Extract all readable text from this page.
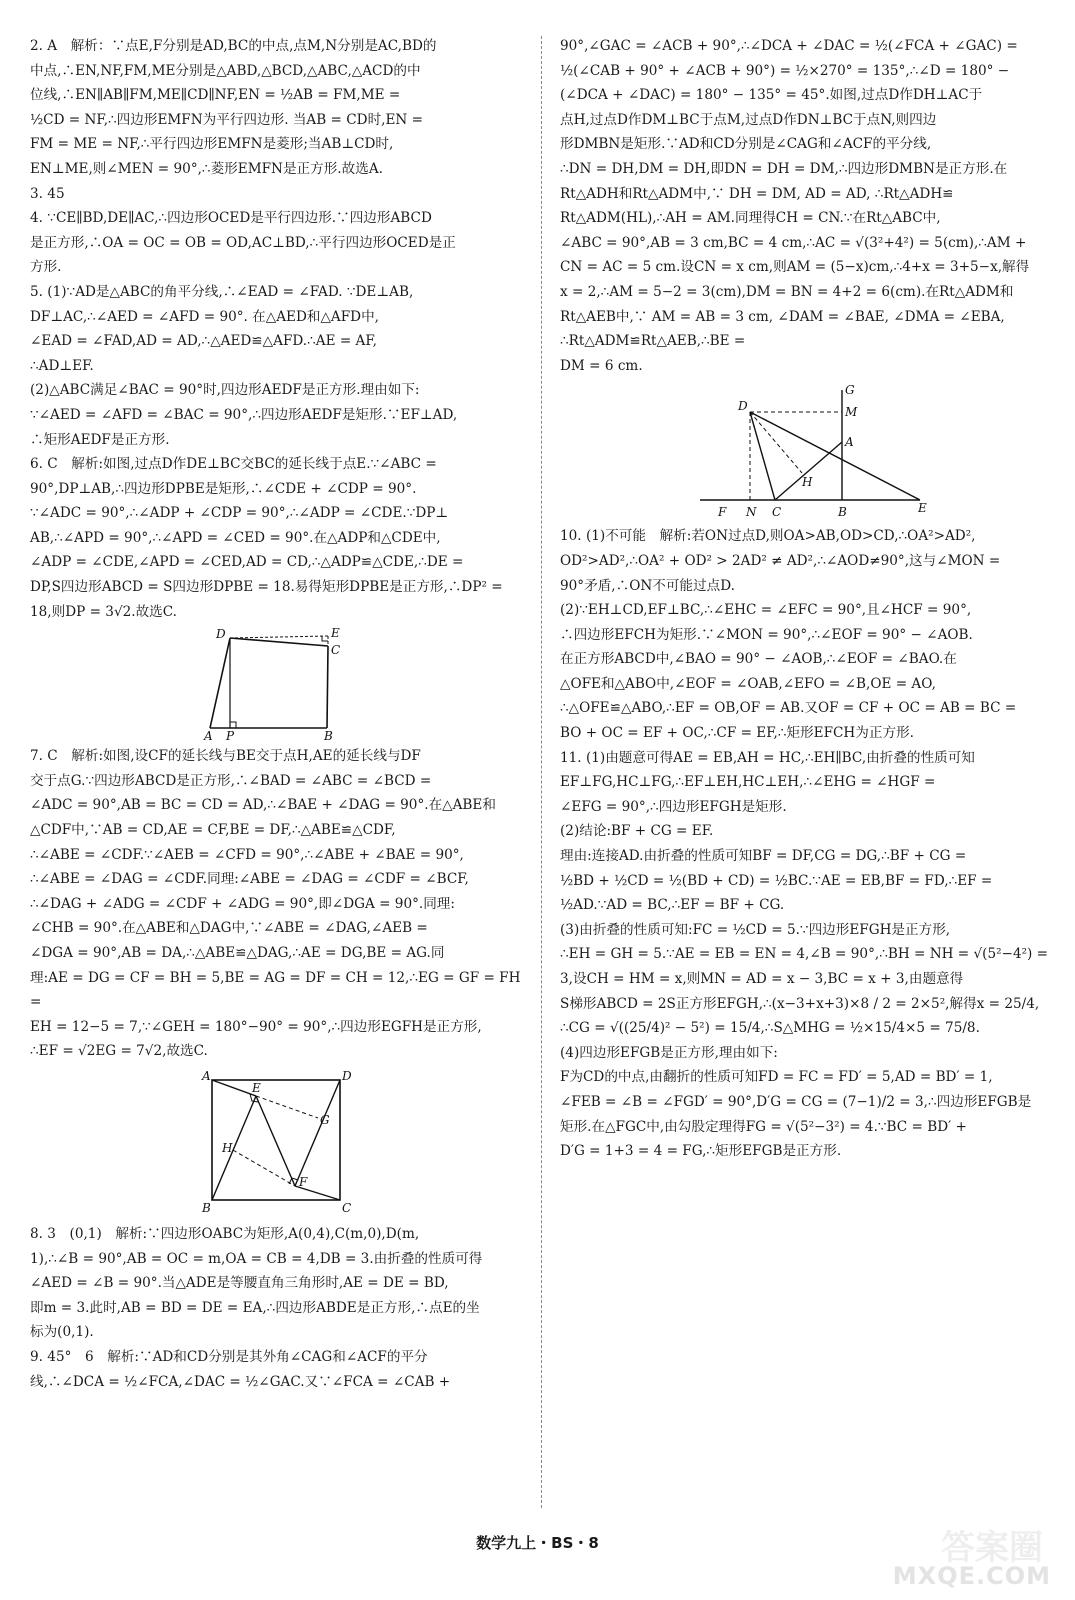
2. A　解析：∵点E,F分别是AD,BC的中点,点M,N分别是AC,BD的

中点,∴EN,NF,FM,ME分别是△ABD,△BCD,△ABC,△ACD的中

位线,∴EN∥AB∥FM,ME∥CD∥NF,EN = ½AB = FM,ME =

½CD = NF,∴四边形EMFN为平行四边形. 当AB = CD时,EN =

FM = ME = NF,∴平行四边形EMFN是菱形;当AB⊥CD时,

EN⊥ME,则∠MEN = 90°,∴菱形EMFN是正方形.故选A.

3. 45

4. ∵CE∥BD,DE∥AC,∴四边形OCED是平行四边形.∵四边形ABCD

是正方形,∴OA = OC = OB = OD,AC⊥BD,∴平行四边形OCED是正

方形.

5. (1)∵AD是△ABC的角平分线,∴∠EAD = ∠FAD. ∵DE⊥AB,

DF⊥AC,∴∠AED = ∠AFD = 90°. 在△AED和△AFD中,

∠EAD = ∠FAD,AD = AD,∴△AED≌△AFD.∴AE = AF,

∴AD⊥EF.

(2)△ABC满足∠BAC = 90°时,四边形AEDF是正方形.理由如下:

∵∠AED = ∠AFD = ∠BAC = 90°,∴四边形AEDF是矩形.∵EF⊥AD,

∴矩形AEDF是正方形.

6. C　解析:如图,过点D作DE⊥BC交BC的延长线于点E.∵∠ABC =

90°,DP⊥AB,∴四边形DPBE是矩形,∴∠CDE + ∠CDP = 90°.

∵∠ADC = 90°,∴∠ADP + ∠CDP = 90°,∴∠ADP = ∠CDE.∵DP⊥

AB,∴∠APD = 90°,∴∠APD = ∠CED = 90°.在△ADP和△CDE中,

∠ADP = ∠CDE,∠APD = ∠CED,AD = CD,∴△ADP≌△CDE,∴DE =

DP,S四边形ABCD = S四边形DPBE = 18.易得矩形DPBE是正方形,∴DP² =

18,则DP = 3√2.故选C.

D	E
C
A P	B

7. C　解析:如图,设CF的延长线与BE交于点H,AE的延长线与DF

交于点G.∵四边形ABCD是正方形,∴∠BAD = ∠ABC = ∠BCD =

∠ADC = 90°,AB = BC = CD = AD,∴∠BAE + ∠DAG = 90°.在△ABE和

△CDF中,∵AB = CD,AE = CF,BE = DF,∴△ABE≌△CDF,

∴∠ABE = ∠CDF.∵∠AEB = ∠CFD = 90°,∴∠ABE + ∠BAE = 90°,

∴∠ABE = ∠DAG = ∠CDF.同理:∠ABE = ∠DAG = ∠CDF = ∠BCF,

∴∠DAG + ∠ADG = ∠CDF + ∠ADG = 90°,即∠DGA = 90°.同理:

∠CHB = 90°.在△ABE和△DAG中,∵∠ABE = ∠DAG,∠AEB =

∠DGA = 90°,AB = DA,∴△ABE≌△DAG,∴AE = DG,BE = AG.同

理:AE = DG = CF = BH = 5,BE = AG = DF = CH = 12,∴EG = GF = FH =

EH = 12−5 = 7,∵∠GEH = 180°−90° = 90°,∴四边形EGFH是正方形,

∴EF = √2EG = 7√2,故选C.

A	D
E
G
H
F
B	C

8. 3　(0,1)　解析:∵四边形OABC为矩形,A(0,4),C(m,0),D(m,

1),∴∠B = 90°,AB = OC = m,OA = CB = 4,DB = 3.由折叠的性质可得

∠AED = ∠B = 90°.当△ADE是等腰直角三角形时,AE = DE = BD,

即m = 3.此时,AB = BD = DE = EA,∴四边形ABDE是正方形,∴点E的坐

标为(0,1).

9. 45°　6　解析:∵AD和CD分别是其外角∠CAG和∠ACF的平分

线,∴∠DCA = ½∠FCA,∠DAC = ½∠GAC.又∵∠FCA = ∠CAB +

90°,∠GAC = ∠ACB + 90°,∴∠DCA + ∠DAC = ½(∠FCA + ∠GAC) =

½(∠CAB + 90° + ∠ACB + 90°) = ½×270° = 135°,∴∠D = 180° −

(∠DCA + ∠DAC) = 180° − 135° = 45°.如图,过点D作DH⊥AC于

点H,过点D作DM⊥BC于点M,过点D作DN⊥BC于点N,则四边

形DMBN是矩形.∵AD和CD分别是∠CAG和∠ACF的平分线,

∴DN = DH,DM = DH,即DN = DH = DM,∴四边形DMBN是正方形.在

Rt△ADH和Rt△ADM中,∵ DH = DM, AD = AD, ∴Rt△ADH≌

Rt△ADM(HL),∴AH = AM.同理得CH = CN.∵在Rt△ABC中,

∠ABC = 90°,AB = 3 cm,BC = 4 cm,∴AC = √(3²+4²) = 5(cm),∴AM +

CN = AC = 5 cm.设CN = x cm,则AM = (5−x)cm,∴4+x = 3+5−x,解得

x = 2,∴AM = 5−2 = 3(cm),DM = BN = 4+2 = 6(cm).在Rt△ADM和

Rt△AEB中,∵ AM = AB = 3 cm, ∠DAM = ∠BAE, ∠DMA = ∠EBA, ∴Rt△ADM≌Rt△AEB,∴BE =

DM = 6 cm.

D
G
M
A
H
F N C	B	E

10. (1)不可能　解析:若ON过点D,则OA>AB,OD>CD,∴OA²>AD²,

OD²>AD²,∴OA² + OD² > 2AD² ≠ AD²,∴∠AOD≠90°,这与∠MON =

90°矛盾,∴ON不可能过点D.

(2)∵EH⊥CD,EF⊥BC,∴∠EHC = ∠EFC = 90°,且∠HCF = 90°,

∴四边形EFCH为矩形.∵∠MON = 90°,∴∠EOF = 90° − ∠AOB.

在正方形ABCD中,∠BAO = 90° − ∠AOB,∴∠EOF = ∠BAO.在

△OFE和△ABO中,∠EOF = ∠OAB,∠EFO = ∠B,OE = AO,

∴△OFE≌△ABO,∴EF = OB,OF = AB.又OF = CF + OC = AB = BC =

BO + OC = EF + OC,∴CF = EF,∴矩形EFCH为正方形.

11. (1)由题意可得AE = EB,AH = HC,∴EH∥BC,由折叠的性质可知

EF⊥FG,HC⊥FG,∴EF⊥EH,HC⊥EH,∴∠EHG = ∠HGF =

∠EFG = 90°,∴四边形EFGH是矩形.

(2)结论:BF + CG = EF.

理由:连接AD.由折叠的性质可知BF = DF,CG = DG,∴BF + CG =

½BD + ½CD = ½(BD + CD) = ½BC.∵AE = EB,BF = FD,∴EF =

½AD.∵AD = BC,∴EF = BF + CG.

(3)由折叠的性质可知:FC = ½CD = 5.∵四边形EFGH是正方形,

∴EH = GH = 5.∵AE = EB = EN = 4,∠B = 90°,∴BH = NH = √(5²−4²) =

3,设CH = HM = x,则MN = AD = x − 3,BC = x + 3,由题意得

S梯形ABCD = 2S正方形EFGH,∴(x−3+x+3)×8 / 2 = 2×5²,解得x = 25/4,

∴CG = √((25/4)² − 5²) = 15/4,∴S△MHG = ½×15/4×5 = 75/8.

(4)四边形EFGB是正方形,理由如下:

F为CD的中点,由翻折的性质可知FD = FC = FD′ = 5,AD = BD′ = 1,

∠FEB = ∠B = ∠FGD′ = 90°,D′G = CG = (7−1)/2 = 3,∴四边形EFGB是

矩形.在△FGC中,由勾股定理得FG = √(5²−3²) = 4.∵BC = BD′ +

D′G = 1+3 = 4 = FG,∴矩形EFGB是正方形.

数学九上・BS・8	答案圈
MXQE.COM
